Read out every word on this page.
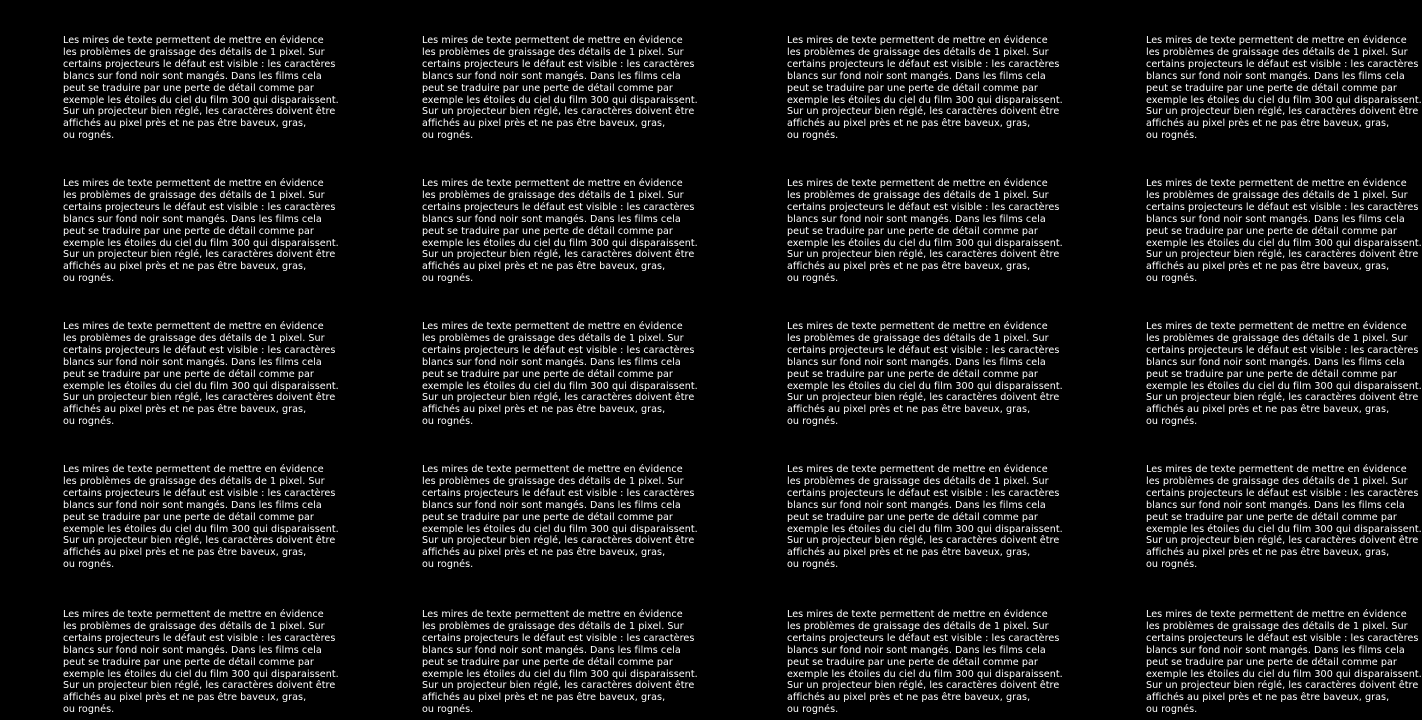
Les mires de texte permettent de mettre en évidence
les problèmes de graissage des détails de 1 pixel. Sur
certains projecteurs le défaut est visible : les caractères
blancs sur fond noir sont mangés. Dans les films cela
peut se traduire par une perte de détail comme par
exemple les étoiles du ciel du film 300 qui disparaissent.
Sur un projecteur bien réglé, les caractères doivent être
affichés au pixel près et ne pas être baveux, gras,
ou rognés.
Les mires de texte permettent de mettre en évidence
les problèmes de graissage des détails de 1 pixel. Sur
certains projecteurs le défaut est visible : les caractères
blancs sur fond noir sont mangés. Dans les films cela
peut se traduire par une perte de détail comme par
exemple les étoiles du ciel du film 300 qui disparaissent.
Sur un projecteur bien réglé, les caractères doivent être
affichés au pixel près et ne pas être baveux, gras,
ou rognés.
Les mires de texte permettent de mettre en évidence
les problèmes de graissage des détails de 1 pixel. Sur
certains projecteurs le défaut est visible : les caractères
blancs sur fond noir sont mangés. Dans les films cela
peut se traduire par une perte de détail comme par
exemple les étoiles du ciel du film 300 qui disparaissent.
Sur un projecteur bien réglé, les caractères doivent être
affichés au pixel près et ne pas être baveux, gras,
ou rognés.
Les mires de texte permettent de mettre en évidence
les problèmes de graissage des détails de 1 pixel. Sur
certains projecteurs le défaut est visible : les caractères
blancs sur fond noir sont mangés. Dans les films cela
peut se traduire par une perte de détail comme par
exemple les étoiles du ciel du film 300 qui disparaissent.
Sur un projecteur bien réglé, les caractères doivent être
affichés au pixel près et ne pas être baveux, gras,
ou rognés.
Les mires de texte permettent de mettre en évidence
les problèmes de graissage des détails de 1 pixel. Sur
certains projecteurs le défaut est visible : les caractères
blancs sur fond noir sont mangés. Dans les films cela
peut se traduire par une perte de détail comme par
exemple les étoiles du ciel du film 300 qui disparaissent.
Sur un projecteur bien réglé, les caractères doivent être
affichés au pixel près et ne pas être baveux, gras,
ou rognés.
Les mires de texte permettent de mettre en évidence
les problèmes de graissage des détails de 1 pixel. Sur
certains projecteurs le défaut est visible : les caractères
blancs sur fond noir sont mangés. Dans les films cela
peut se traduire par une perte de détail comme par
exemple les étoiles du ciel du film 300 qui disparaissent.
Sur un projecteur bien réglé, les caractères doivent être
affichés au pixel près et ne pas être baveux, gras,
ou rognés.
Les mires de texte permettent de mettre en évidence
les problèmes de graissage des détails de 1 pixel. Sur
certains projecteurs le défaut est visible : les caractères
blancs sur fond noir sont mangés. Dans les films cela
peut se traduire par une perte de détail comme par
exemple les étoiles du ciel du film 300 qui disparaissent.
Sur un projecteur bien réglé, les caractères doivent être
affichés au pixel près et ne pas être baveux, gras,
ou rognés.
Les mires de texte permettent de mettre en évidence
les problèmes de graissage des détails de 1 pixel. Sur
certains projecteurs le défaut est visible : les caractères
blancs sur fond noir sont mangés. Dans les films cela
peut se traduire par une perte de détail comme par
exemple les étoiles du ciel du film 300 qui disparaissent.
Sur un projecteur bien réglé, les caractères doivent être
affichés au pixel près et ne pas être baveux, gras,
ou rognés.
Les mires de texte permettent de mettre en évidence
les problèmes de graissage des détails de 1 pixel. Sur
certains projecteurs le défaut est visible : les caractères
blancs sur fond noir sont mangés. Dans les films cela
peut se traduire par une perte de détail comme par
exemple les étoiles du ciel du film 300 qui disparaissent.
Sur un projecteur bien réglé, les caractères doivent être
affichés au pixel près et ne pas être baveux, gras,
ou rognés.
Les mires de texte permettent de mettre en évidence
les problèmes de graissage des détails de 1 pixel. Sur
certains projecteurs le défaut est visible : les caractères
blancs sur fond noir sont mangés. Dans les films cela
peut se traduire par une perte de détail comme par
exemple les étoiles du ciel du film 300 qui disparaissent.
Sur un projecteur bien réglé, les caractères doivent être
affichés au pixel près et ne pas être baveux, gras,
ou rognés.
Les mires de texte permettent de mettre en évidence
les problèmes de graissage des détails de 1 pixel. Sur
certains projecteurs le défaut est visible : les caractères
blancs sur fond noir sont mangés. Dans les films cela
peut se traduire par une perte de détail comme par
exemple les étoiles du ciel du film 300 qui disparaissent.
Sur un projecteur bien réglé, les caractères doivent être
affichés au pixel près et ne pas être baveux, gras,
ou rognés.
Les mires de texte permettent de mettre en évidence
les problèmes de graissage des détails de 1 pixel. Sur
certains projecteurs le défaut est visible : les caractères
blancs sur fond noir sont mangés. Dans les films cela
peut se traduire par une perte de détail comme par
exemple les étoiles du ciel du film 300 qui disparaissent.
Sur un projecteur bien réglé, les caractères doivent être
affichés au pixel près et ne pas être baveux, gras,
ou rognés.
Les mires de texte permettent de mettre en évidence
les problèmes de graissage des détails de 1 pixel. Sur
certains projecteurs le défaut est visible : les caractères
blancs sur fond noir sont mangés. Dans les films cela
peut se traduire par une perte de détail comme par
exemple les étoiles du ciel du film 300 qui disparaissent.
Sur un projecteur bien réglé, les caractères doivent être
affichés au pixel près et ne pas être baveux, gras,
ou rognés.
Les mires de texte permettent de mettre en évidence
les problèmes de graissage des détails de 1 pixel. Sur
certains projecteurs le défaut est visible : les caractères
blancs sur fond noir sont mangés. Dans les films cela
peut se traduire par une perte de détail comme par
exemple les étoiles du ciel du film 300 qui disparaissent.
Sur un projecteur bien réglé, les caractères doivent être
affichés au pixel près et ne pas être baveux, gras,
ou rognés.
Les mires de texte permettent de mettre en évidence
les problèmes de graissage des détails de 1 pixel. Sur
certains projecteurs le défaut est visible : les caractères
blancs sur fond noir sont mangés. Dans les films cela
peut se traduire par une perte de détail comme par
exemple les étoiles du ciel du film 300 qui disparaissent.
Sur un projecteur bien réglé, les caractères doivent être
affichés au pixel près et ne pas être baveux, gras,
ou rognés.
Les mires de texte permettent de mettre en évidence
les problèmes de graissage des détails de 1 pixel. Sur
certains projecteurs le défaut est visible : les caractères
blancs sur fond noir sont mangés. Dans les films cela
peut se traduire par une perte de détail comme par
exemple les étoiles du ciel du film 300 qui disparaissent.
Sur un projecteur bien réglé, les caractères doivent être
affichés au pixel près et ne pas être baveux, gras,
ou rognés.
Les mires de texte permettent de mettre en évidence
les problèmes de graissage des détails de 1 pixel. Sur
certains projecteurs le défaut est visible : les caractères
blancs sur fond noir sont mangés. Dans les films cela
peut se traduire par une perte de détail comme par
exemple les étoiles du ciel du film 300 qui disparaissent.
Sur un projecteur bien réglé, les caractères doivent être
affichés au pixel près et ne pas être baveux, gras,
ou rognés.
Les mires de texte permettent de mettre en évidence
les problèmes de graissage des détails de 1 pixel. Sur
certains projecteurs le défaut est visible : les caractères
blancs sur fond noir sont mangés. Dans les films cela
peut se traduire par une perte de détail comme par
exemple les étoiles du ciel du film 300 qui disparaissent.
Sur un projecteur bien réglé, les caractères doivent être
affichés au pixel près et ne pas être baveux, gras,
ou rognés.
Les mires de texte permettent de mettre en évidence
les problèmes de graissage des détails de 1 pixel. Sur
certains projecteurs le défaut est visible : les caractères
blancs sur fond noir sont mangés. Dans les films cela
peut se traduire par une perte de détail comme par
exemple les étoiles du ciel du film 300 qui disparaissent.
Sur un projecteur bien réglé, les caractères doivent être
affichés au pixel près et ne pas être baveux, gras,
ou rognés.
Les mires de texte permettent de mettre en évidence
les problèmes de graissage des détails de 1 pixel. Sur
certains projecteurs le défaut est visible : les caractères
blancs sur fond noir sont mangés. Dans les films cela
peut se traduire par une perte de détail comme par
exemple les étoiles du ciel du film 300 qui disparaissent.
Sur un projecteur bien réglé, les caractères doivent être
affichés au pixel près et ne pas être baveux, gras,
ou rognés.
